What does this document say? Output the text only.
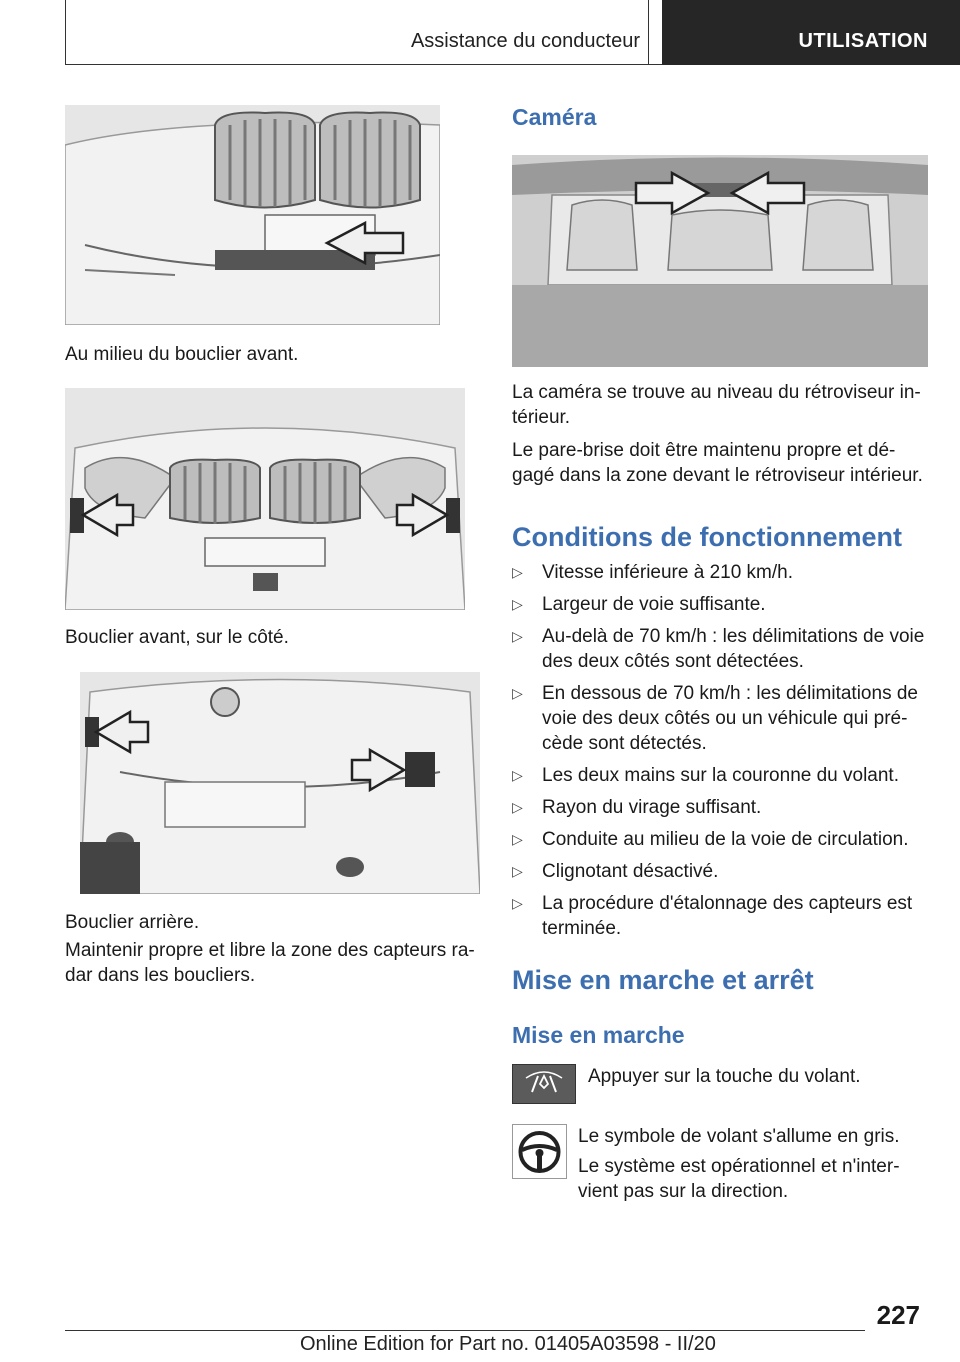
Assistance du conducteur	UTILISATION
Au milieu du bouclier avant.
Bouclier avant, sur le côté.
Bouclier arrière.
Maintenir propre et libre la zone des capteurs ra‐
dar dans les boucliers.
Caméra
La caméra se trouve au niveau du rétroviseur in‐
térieur.
Le pare-brise doit être maintenu propre et dé‐
gagé dans la zone devant le rétroviseur intérieur.
Conditions de fonctionnement
▷ Vitesse inférieure à 210 km/h.
▷ Largeur de voie suffisante.
▷ Au-delà de 70 km/h : les délimitations de voie
des deux côtés sont détectées.
▷ En dessous de 70 km/h : les délimitations de
voie des deux côtés ou un véhicule qui pré‐
cède sont détectés.
▷ Les deux mains sur la couronne du volant.
▷ Rayon du virage suffisant.
▷ Conduite au milieu de la voie de circulation.
▷ Clignotant désactivé.
▷ La procédure d'étalonnage des capteurs est
terminée.
Mise en marche et arrêt
Mise en marche
Appuyer sur la touche du volant.
Le symbole de volant s'allume en gris.
Le système est opérationnel et n'inter‐
vient pas sur la direction.
227
Online Edition for Part no. 01405A03598 - II/20
